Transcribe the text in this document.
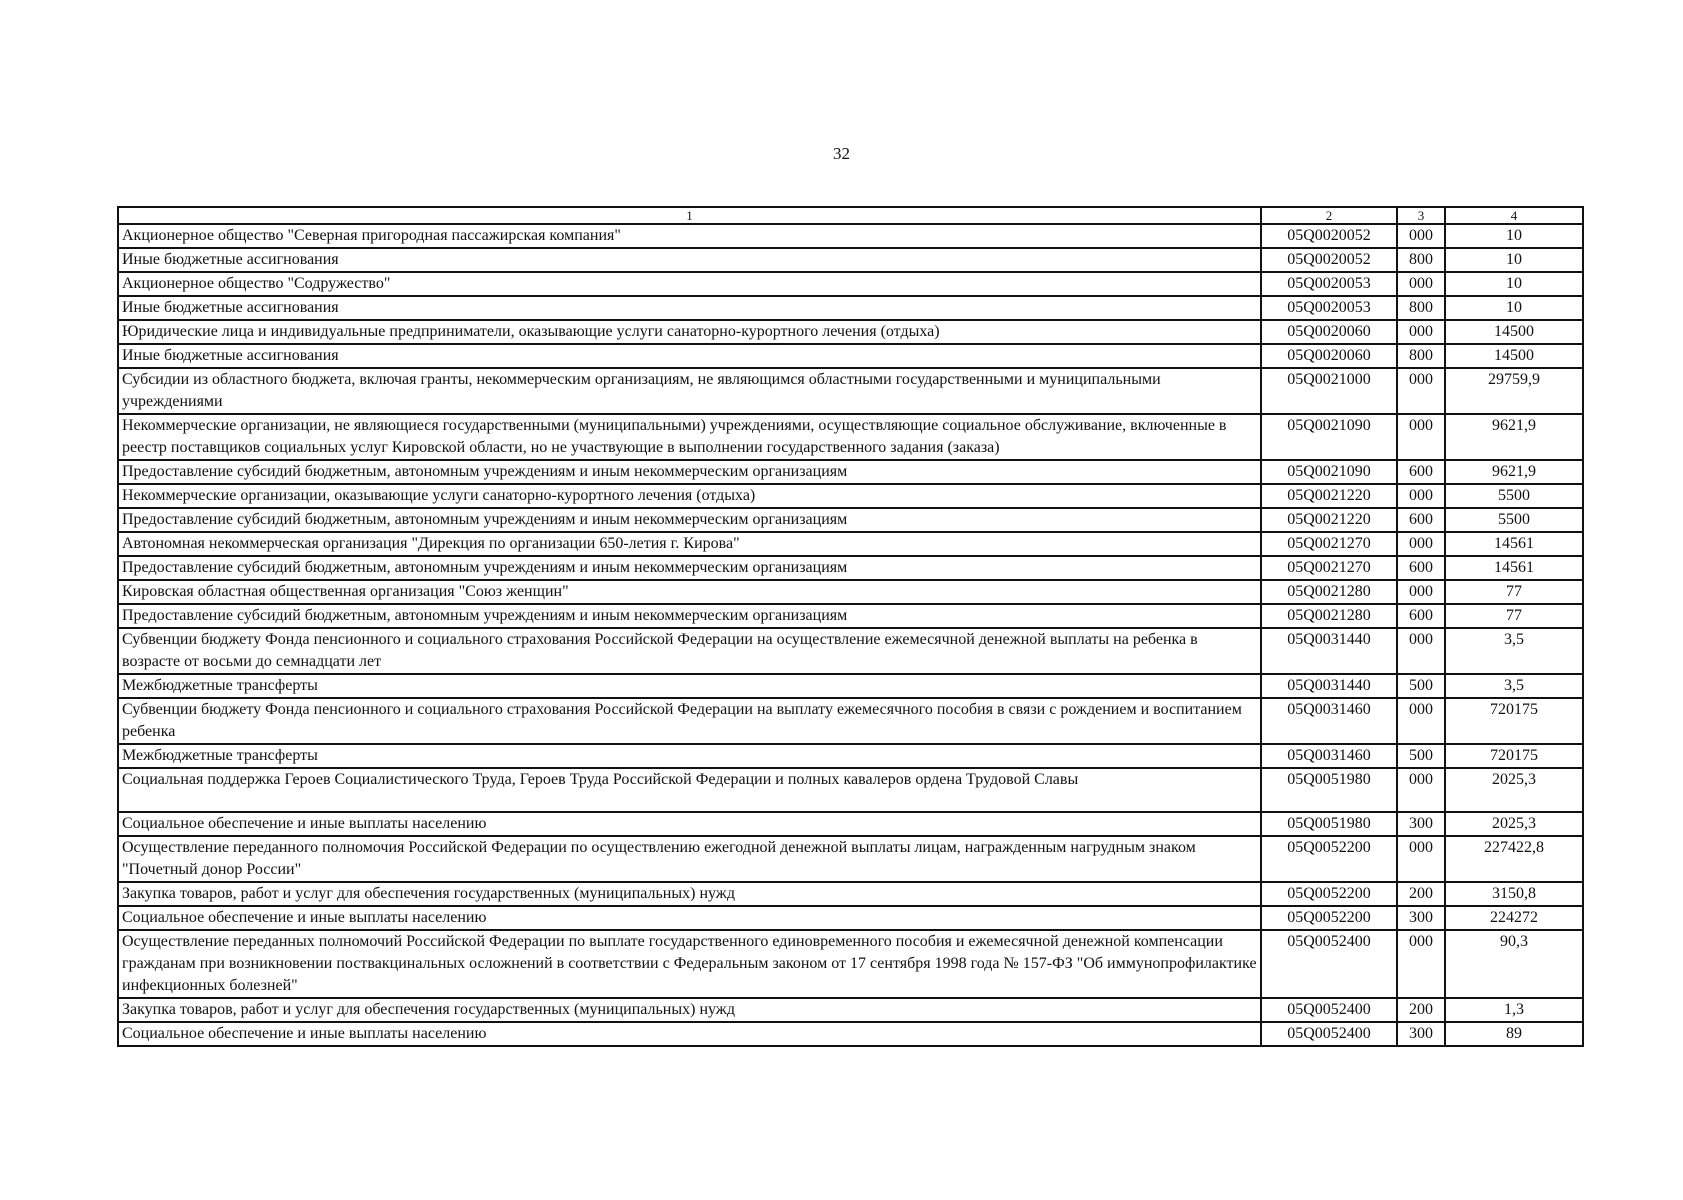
32
1	2	3	4
Акционерное общество "Северная пригородная пассажирская компания"	05Q0020052	000	10
Иные бюджетные ассигнования	05Q0020052	800	10
Акционерное общество "Содружество"	05Q0020053	000	10
Иные бюджетные ассигнования	05Q0020053	800	10
Юридические лица и индивидуальные предприниматели, оказывающие услуги санаторно-курортного лечения (отдыха)	05Q0020060	000	14500
Иные бюджетные ассигнования	05Q0020060	800	14500
Субсидии из областного бюджета, включая гранты, некоммерческим организациям, не являющимся областными государственными и муниципальными учреждениями	05Q0021000	000	29759,9
Некоммерческие организации, не являющиеся государственными (муниципальными) учреждениями, осуществляющие социальное обслуживание, включенные в реестр поставщиков социальных услуг Кировской области, но не участвующие в выполнении государственного задания (заказа)	05Q0021090	000	9621,9
Предоставление субсидий бюджетным, автономным учреждениям и иным некоммерческим организациям	05Q0021090	600	9621,9
Некоммерческие организации, оказывающие услуги санаторно-курортного лечения (отдыха)	05Q0021220	000	5500
Предоставление субсидий бюджетным, автономным учреждениям и иным некоммерческим организациям	05Q0021220	600	5500
Автономная некоммерческая организация "Дирекция по организации 650-летия г. Кирова"	05Q0021270	000	14561
Предоставление субсидий бюджетным, автономным учреждениям и иным некоммерческим организациям	05Q0021270	600	14561
Кировская областная общественная организация "Союз женщин"	05Q0021280	000	77
Предоставление субсидий бюджетным, автономным учреждениям и иным некоммерческим организациям	05Q0021280	600	77
Субвенции бюджету Фонда пенсионного и социального страхования Российской Федерации на осуществление ежемесячной денежной выплаты на ребенка в возрасте от восьми до семнадцати лет	05Q0031440	000	3,5
Межбюджетные трансферты	05Q0031440	500	3,5
Субвенции бюджету Фонда пенсионного и социального страхования Российской Федерации на выплату ежемесячного пособия в связи с рождением и воспитанием ребенка	05Q0031460	000	720175
Межбюджетные трансферты	05Q0031460	500	720175
Социальная поддержка Героев Социалистического Труда, Героев Труда Российской Федерации и полных кавалеров ордена Трудовой Славы	05Q0051980	000	2025,3
Социальное обеспечение и иные выплаты населению	05Q0051980	300	2025,3
Осуществление переданного полномочия Российской Федерации по осуществлению ежегодной денежной выплаты лицам, награжденным нагрудным знаком "Почетный донор России"	05Q0052200	000	227422,8
Закупка товаров, работ и услуг для обеспечения государственных (муниципальных) нужд	05Q0052200	200	3150,8
Социальное обеспечение и иные выплаты населению	05Q0052200	300	224272
Осуществление переданных полномочий Российской Федерации по выплате государственного единовременного пособия и ежемесячной денежной компенсации гражданам при возникновении поствакцинальных осложнений в соответствии с Федеральным законом от 17 сентября 1998 года № 157-ФЗ "Об иммунопрофилактике инфекционных болезней"	05Q0052400	000	90,3
Закупка товаров, работ и услуг для обеспечения государственных (муниципальных) нужд	05Q0052400	200	1,3
Социальное обеспечение и иные выплаты населению	05Q0052400	300	89
